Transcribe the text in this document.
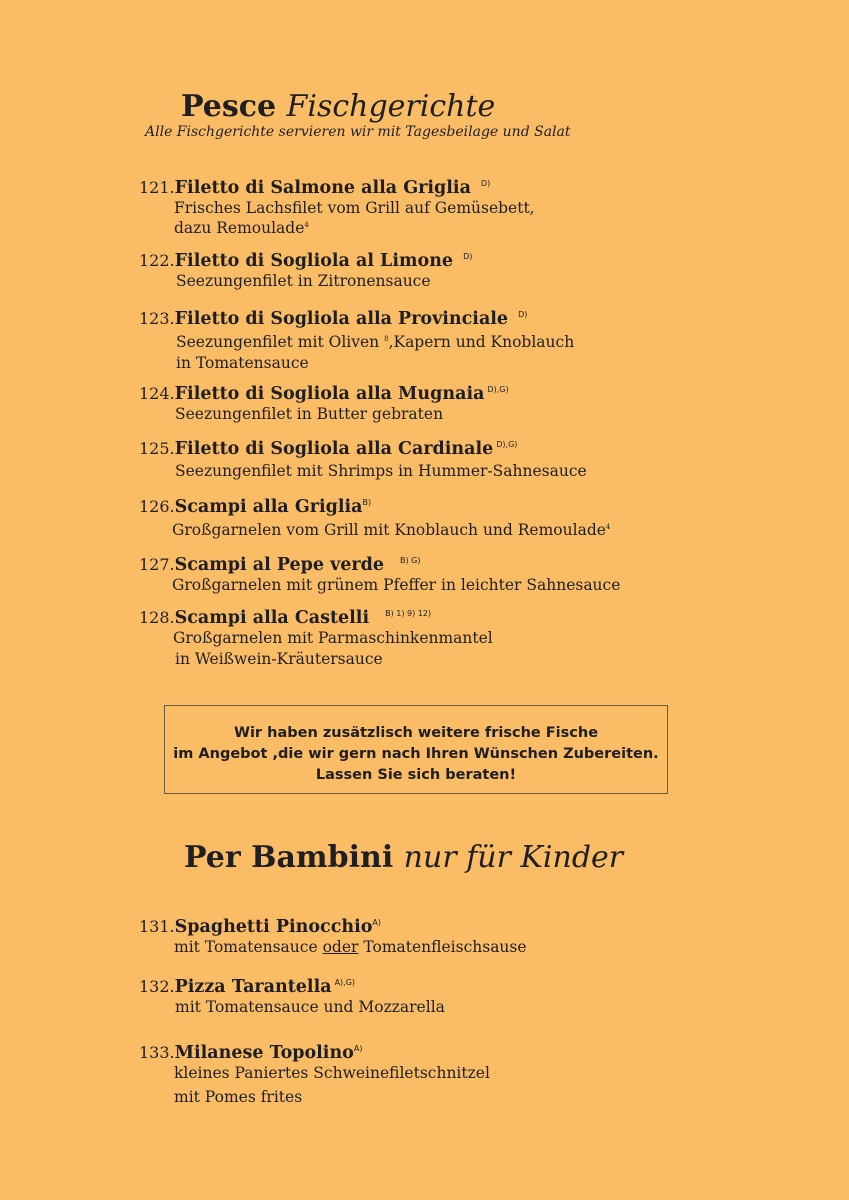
Pesce Fischgerichte
Alle Fischgerichte servieren wir mit Tagesbeilage und Salat
121.Filetto di Salmone alla Griglia $^{D)}$
Frisches Lachsfilet vom Grill auf Gemüsebett,
dazu Remoulade$^4$
122.Filetto di Sogliola al Limone $^{D)}$
Seezungenfilet in Zitronensauce
123.Filetto di Sogliola alla Provinciale $^{D)}$
Seezungenfilet mit Oliven $^8$,Kapern und Knoblauch
in Tomatensauce
124.Filetto di Sogliola alla Mugnaia $^{D),G)}$
Seezungenfilet in Butter gebraten
125.Filetto di Sogliola alla Cardinale $^{D),G)}$
Seezungenfilet mit Shrimps in Hummer-Sahnesauce
126.Scampi alla Griglia$^{B)}$
Großgarnelen vom Grill mit Knoblauch und Remoulade$^4$
127.Scampi al Pepe verde $^{B) G)}$
Großgarnelen mit grünem Pfeffer in leichter Sahnesauce
128.Scampi alla Castelli $^{B) 1) 9) 12)}$
Großgarnelen mit Parmaschinkenmantel
in Weißwein-Kräutersauce
Wir haben zusätzlisch weitere frische Fische
im Angebot ,die wir gern nach Ihren Wünschen Zubereiten.
Lassen Sie sich beraten!
Per Bambini nur für Kinder
131.Spaghetti Pinocchio$^{A)}$
mit Tomatensauce oder Tomatenfleischsause
132.Pizza Tarantella $^{A),G)}$
mit Tomatensauce und Mozzarella
133.Milanese Topolino$^{A)}$
kleines Paniertes Schweinefiletschnitzel
mit Pomes frites
